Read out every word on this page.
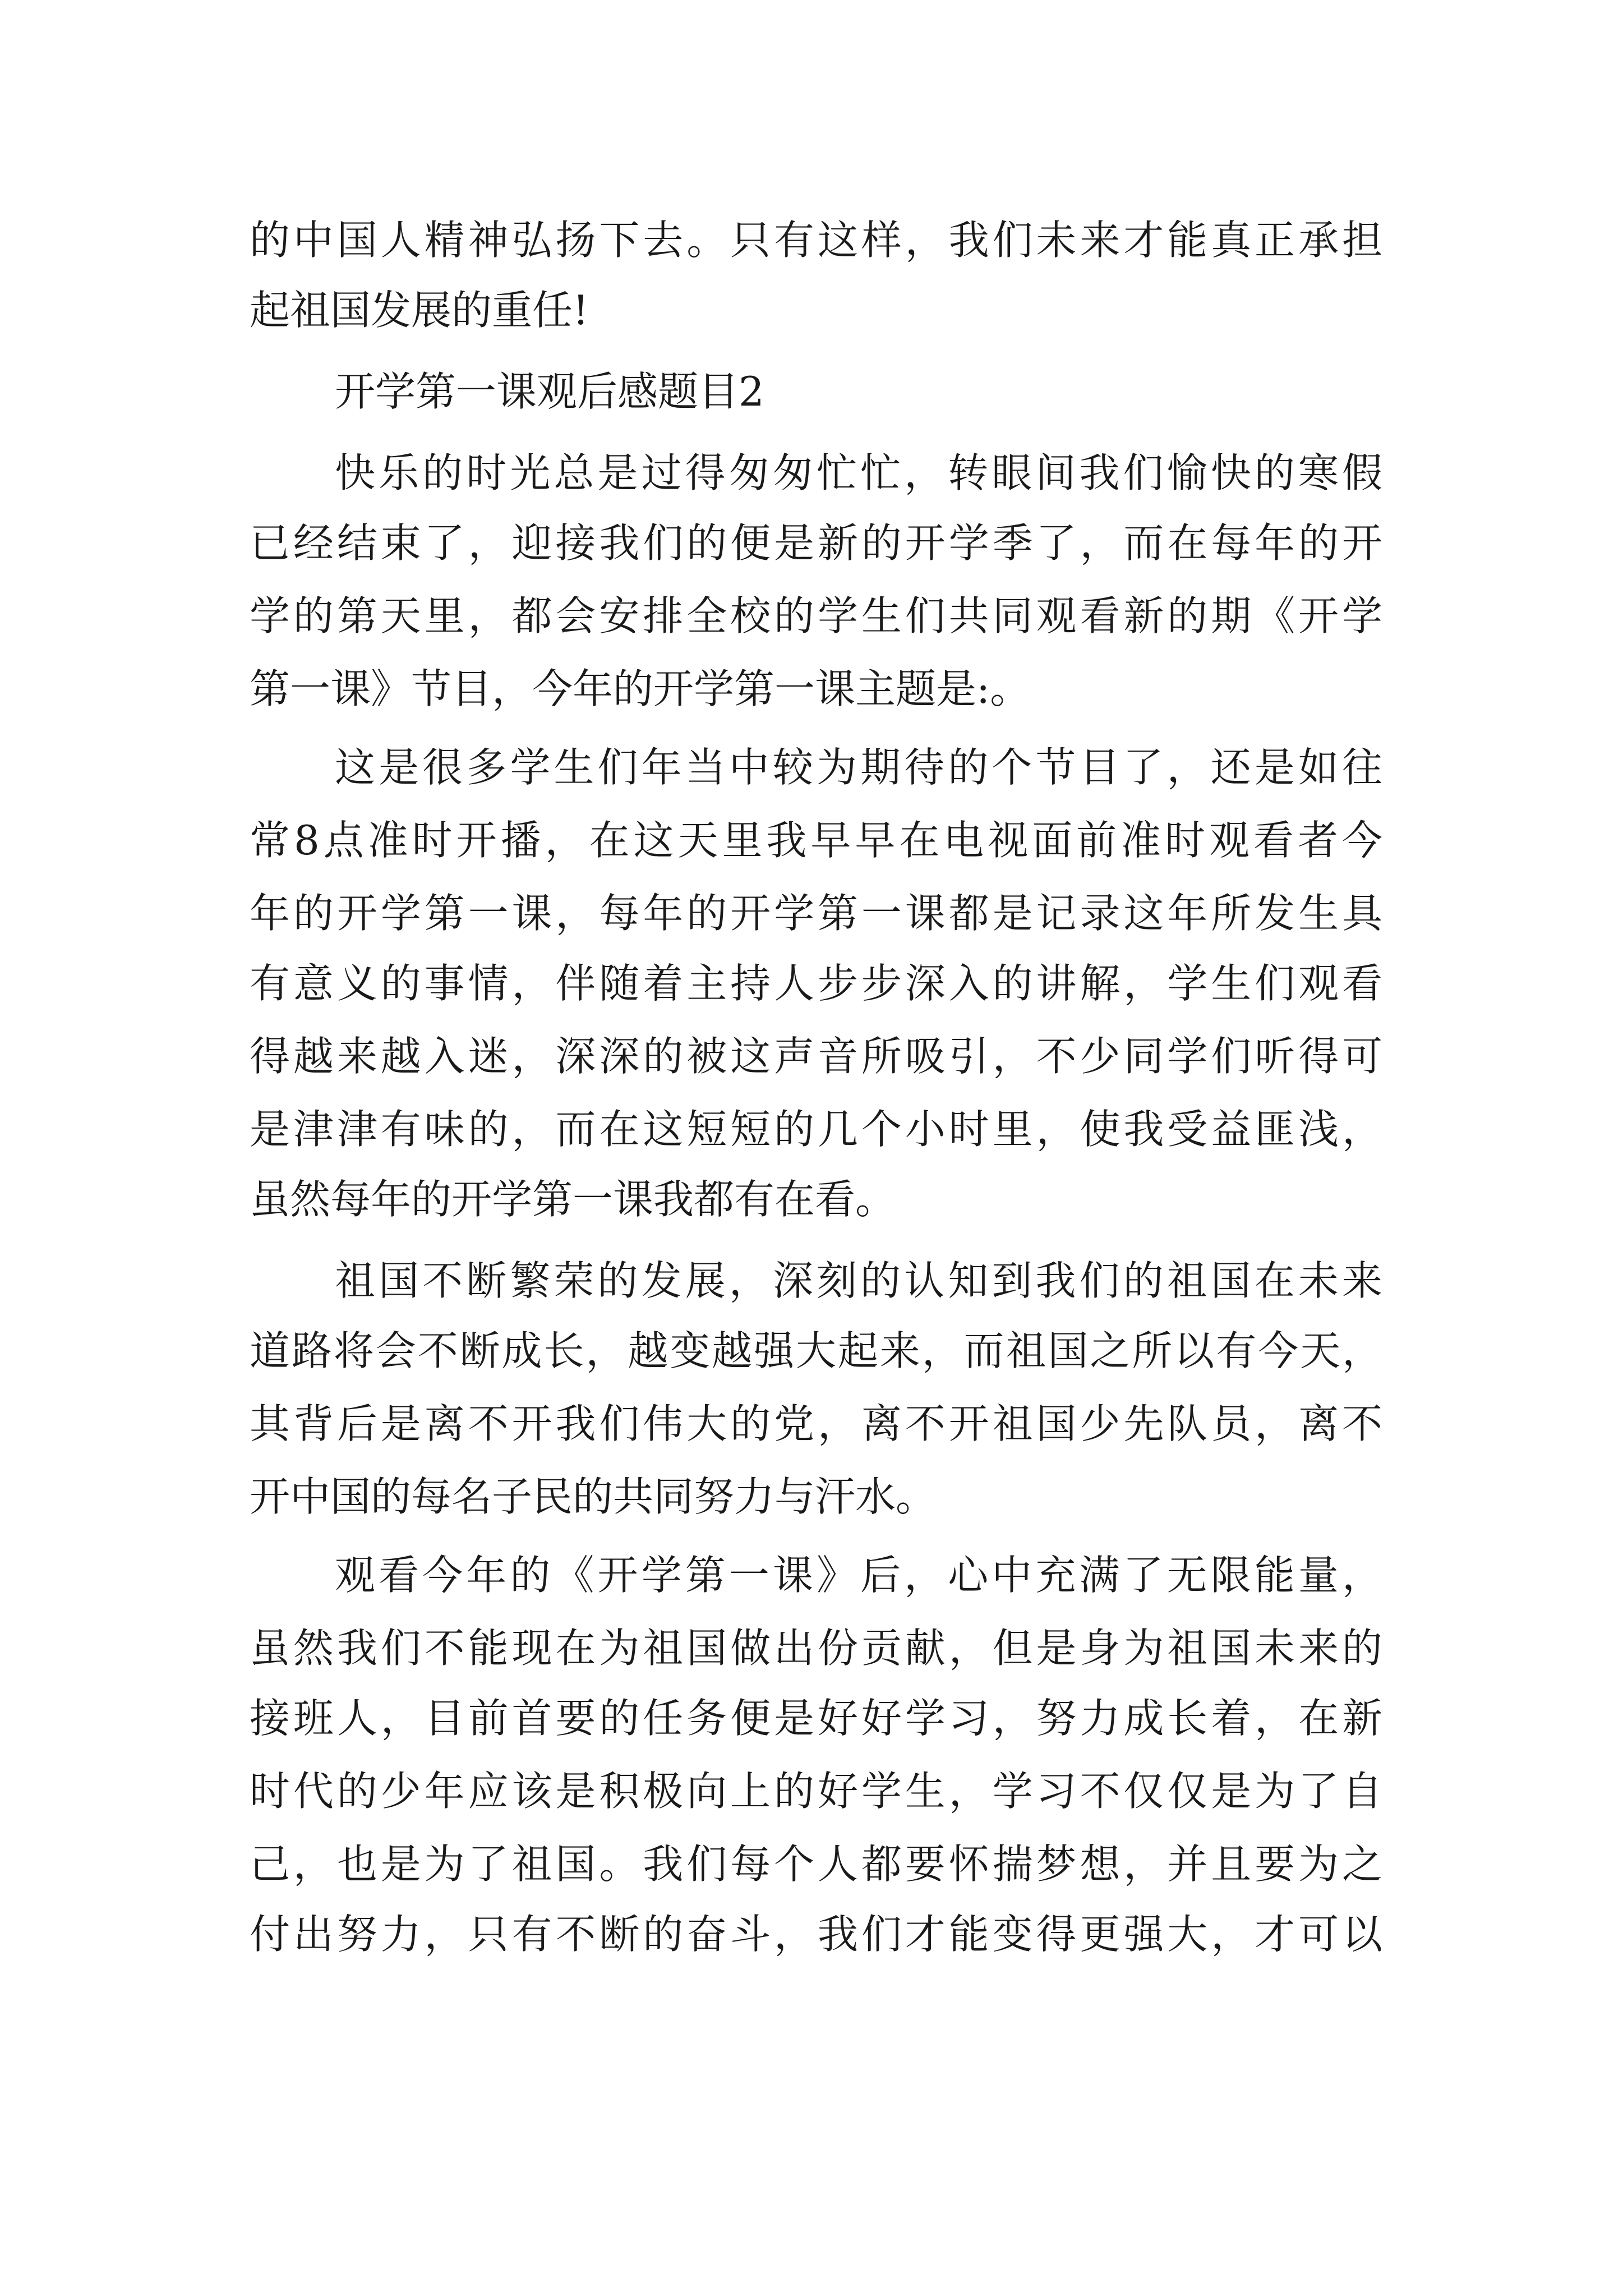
的中国人精神弘扬下去。只有这样，我们未来才能真正承担
起祖国发展的重任!
开学第一课观后感题目2
快乐的时光总是过得匆匆忙忙，转眼间我们愉快的寒假
已经结束了，迎接我们的便是新的开学季了，而在每年的开
学的第天里，都会安排全校的学生们共同观看新的期《开学
第一课》节目，今年的开学第一课主题是:。
这是很多学生们年当中较为期待的个节目了，还是如往
常8点准时开播，在这天里我早早在电视面前准时观看者今
年的开学第一课，每年的开学第一课都是记录这年所发生具
有意义的事情，伴随着主持人步步深入的讲解，学生们观看
得越来越入迷，深深的被这声音所吸引，不少同学们听得可
是津津有味的，而在这短短的几个小时里，使我受益匪浅，
虽然每年的开学第一课我都有在看。
祖国不断繁荣的发展，深刻的认知到我们的祖国在未来
道路将会不断成长，越变越强大起来，而祖国之所以有今天，
其背后是离不开我们伟大的党，离不开祖国少先队员，离不
开中国的每名子民的共同努力与汗水。
观看今年的《开学第一课》后，心中充满了无限能量，
虽然我们不能现在为祖国做出份贡献，但是身为祖国未来的
接班人，目前首要的任务便是好好学习，努力成长着，在新
时代的少年应该是积极向上的好学生，学习不仅仅是为了自
己，也是为了祖国。我们每个人都要怀揣梦想，并且要为之
付出努力，只有不断的奋斗，我们才能变得更强大，才可以
